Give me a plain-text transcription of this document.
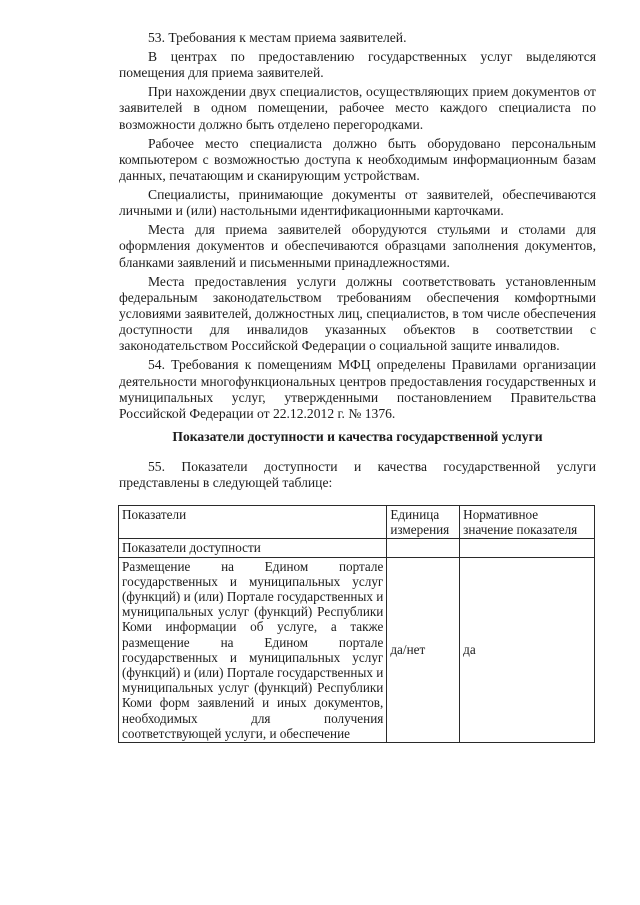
53. Требования к местам приема заявителей.

В центрах по предоставлению государственных услуг выделяются помещения для приема заявителей.

При нахождении двух специалистов, осуществляющих прием документов от заявителей в одном помещении, рабочее место каждого специалиста по возможности должно быть отделено перегородками.

Рабочее место специалиста должно быть оборудовано персональным компьютером с возможностью доступа к необходимым информационным базам данных, печатающим и сканирующим устройствам.

Специалисты, принимающие документы от заявителей, обеспечиваются личными и (или) настольными идентификационными карточками.

Места для приема заявителей оборудуются стульями и столами для оформления документов и обеспечиваются образцами заполнения документов, бланками заявлений и письменными принадлежностями.

Места предоставления услуги должны соответствовать установленным федеральным законодательством требованиям обеспечения комфортными условиями заявителей, должностных лиц, специалистов, в том числе обеспечения доступности для инвалидов указанных объектов в соответствии с законодательством Российской Федерации о социальной защите инвалидов.

54. Требования к помещениям МФЦ определены Правилами организации деятельности многофункциональных центров предоставления государственных и муниципальных услуг, утвержденными постановлением Правительства Российской Федерации от 22.12.2012 г. № 1376.

Показатели доступности и качества государственной услуги

55. Показатели доступности и качества государственной услуги представлены в следующей таблице:

Показатели	Единица измерения	Нормативное значение показателя
Показатели доступности		
Размещение на Едином портале государственных и муниципальных услуг (функций) и (или) Портале государственных и муниципальных услуг (функций) Республики Коми информации об услуге, а также размещение на Едином портале государственных и муниципальных услуг (функций) и (или) Портале государственных и муниципальных услуг (функций) Республики Коми форм заявлений и иных документов, необходимых для получения соответствующей услуги, и обеспечение	да/нет	да
